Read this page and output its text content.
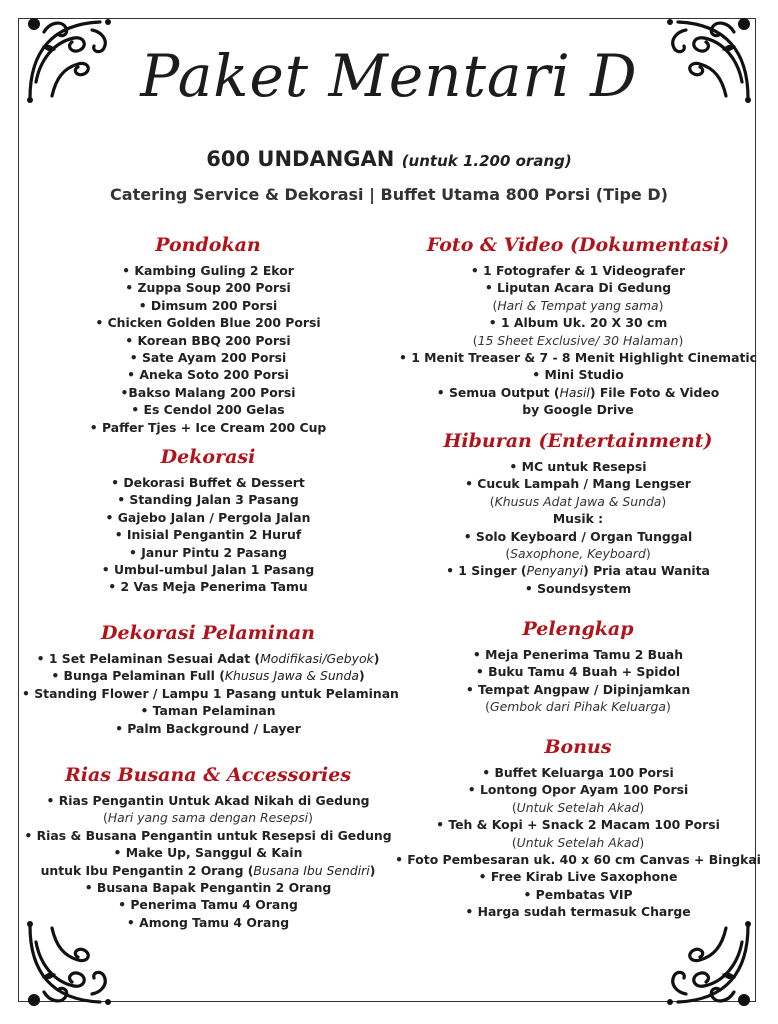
Paket Mentari D
600 UNDANGAN (untuk 1.200 orang)
Catering Service & Dekorasi | Buffet Utama 800 Porsi (Tipe D)
Pondokan
• Kambing Guling 2 Ekor
• Zuppa Soup 200 Porsi
• Dimsum 200 Porsi
• Chicken Golden Blue 200 Porsi
• Korean BBQ 200 Porsi
• Sate Ayam 200 Porsi
• Aneka Soto 200 Porsi
•Bakso Malang 200 Porsi
• Es Cendol 200 Gelas
• Paffer Tjes + Ice Cream 200 Cup
Dekorasi
• Dekorasi Buffet & Dessert
• Standing Jalan 3 Pasang
• Gajebo Jalan / Pergola Jalan
• Inisial Pengantin 2 Huruf
• Janur Pintu 2 Pasang
• Umbul-umbul Jalan 1 Pasang
• 2 Vas Meja Penerima Tamu
Dekorasi Pelaminan
• 1 Set Pelaminan Sesuai Adat (Modifikasi/Gebyok)
• Bunga Pelaminan Full (Khusus Jawa & Sunda)
• Standing Flower / Lampu 1 Pasang untuk Pelaminan
• Taman Pelaminan
• Palm Background / Layer
Rias Busana & Accessories
• Rias Pengantin Untuk Akad Nikah di Gedung
(Hari yang sama dengan Resepsi)
• Rias & Busana Pengantin untuk Resepsi di Gedung
• Make Up, Sanggul & Kain
untuk Ibu Pengantin 2 Orang (Busana Ibu Sendiri)
• Busana Bapak Pengantin 2 Orang
• Penerima Tamu 4 Orang
• Among Tamu 4 Orang
Foto & Video (Dokumentasi)
• 1 Fotografer & 1 Videografer
• Liputan Acara Di Gedung
(Hari & Tempat yang sama)
• 1 Album Uk. 20 X 30 cm
(15 Sheet Exclusive/ 30 Halaman)
• 1 Menit Treaser & 7 - 8 Menit Highlight Cinematic
• Mini Studio
• Semua Output (Hasil) File Foto & Video
by Google Drive
Hiburan (Entertainment)
• MC untuk Resepsi
• Cucuk Lampah / Mang Lengser
(Khusus Adat Jawa & Sunda)
Musik :
• Solo Keyboard / Organ Tunggal
(Saxophone, Keyboard)
• 1 Singer (Penyanyi) Pria atau Wanita
• Soundsystem
Pelengkap
• Meja Penerima Tamu 2 Buah
• Buku Tamu 4 Buah + Spidol
• Tempat Angpaw / Dipinjamkan
(Gembok dari Pihak Keluarga)
Bonus
• Buffet Keluarga 100 Porsi
• Lontong Opor Ayam 100 Porsi
(Untuk Setelah Akad)
• Teh & Kopi + Snack 2 Macam 100 Porsi
(Untuk Setelah Akad)
• Foto Pembesaran uk. 40 x 60 cm Canvas + Bingkai
• Free Kirab Live Saxophone
• Pembatas VIP
• Harga sudah termasuk Charge
